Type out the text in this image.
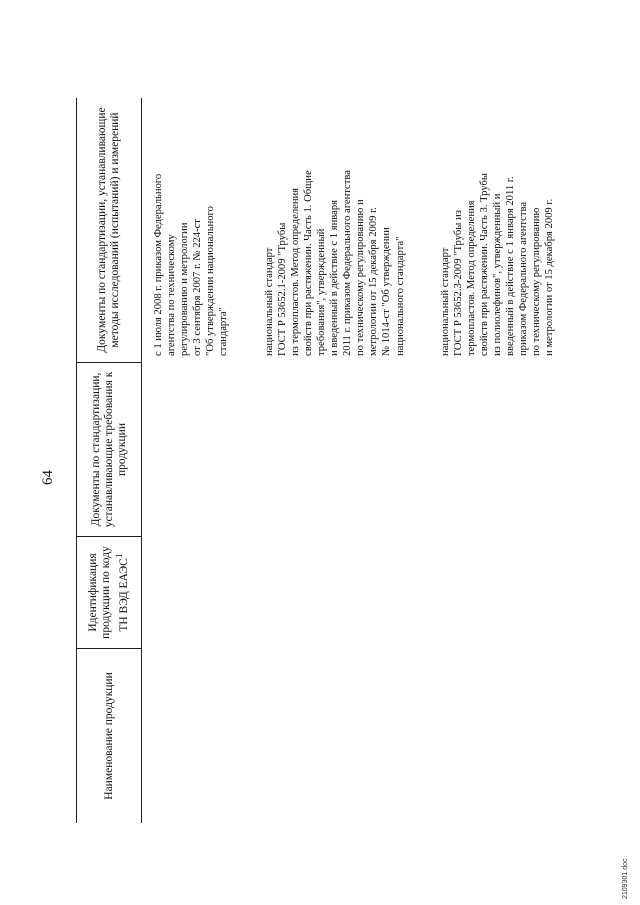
64
Наименование продукции
Идентификация продукции по коду ТН ВЭД ЕАЭС$^1$
Документы по стандартизации, устанавливающие требования к продукции
Документы по стандартизации, устанавливающие методы исследований (испытаний) и измерений

с 1 июля 2008 г. приказом Федерального
агентства по техническому
регулированию и метрологии
от 3 сентября 2007 г. № 224-ст
"Об утверждении национального
стандарта"	национальный стандарт
ГОСТ Р 53652.1-2009 "Трубы
из термопластов. Метод определения
свойств при растяжении. Часть 1. Общие
требования", утвержденный
и введенный в действие с 1 января
2011 г. приказом Федерального агентства
по техническому регулированию и
метрологии от 15 декабря 2009 г.
№ 1014-ст "Об утверждении
национального стандарта"

национальный стандарт
ГОСТ Р 53652.3-2009 "Трубы из
термопластов. Метод определения
свойств при растяжении. Часть 3. Трубы
из полиолефинов", утвержденный и
введенный в действие с 1 января 2011 г.
приказом Федерального агентства
по техническому регулированию
и метрологии от 15 декабря 2009 г.

2109301.doc
